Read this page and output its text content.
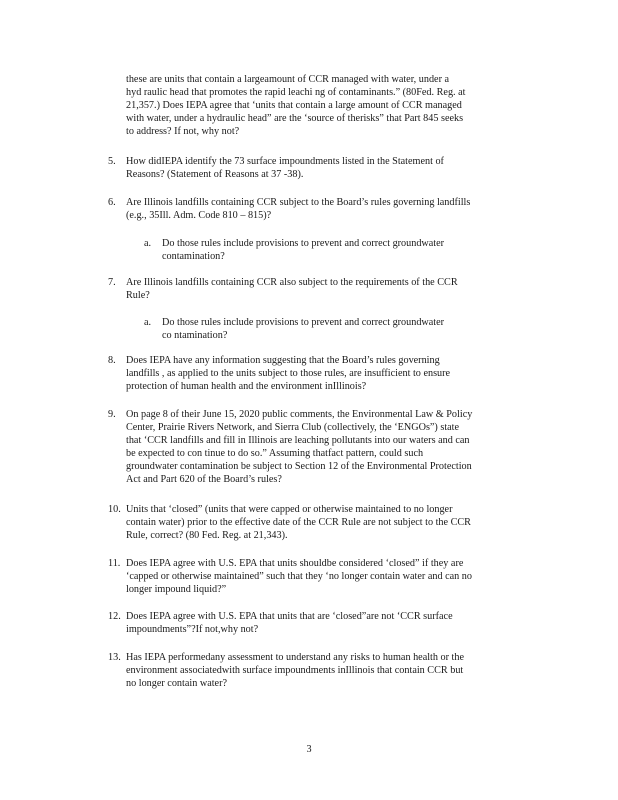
these are units that contain a largeamount of CCR managed with water, under a
hyd raulic head that promotes the rapid leachi ng of contaminants.” (80Fed. Reg. at
21,357.) Does IEPA agree that ‘units that contain a large amount of CCR managed
with water, under a hydraulic head” are the ‘source of therisks” that Part 845 seeks
to address? If not, why not?
5. How didIEPA identify the 73 surface impoundments listed in the Statement of
Reasons? (Statement of Reasons at 37 -38).
6. Are Illinois landfills containing CCR subject to the Board’s rules governing landfills
(e.g., 35Ill. Adm. Code 810 – 815)?
a. Do those rules include provisions to prevent and correct groundwater
contamination?
7. Are Illinois landfills containing CCR also subject to the requirements of the CCR
Rule?
a. Do those rules include provisions to prevent and correct groundwater
co ntamination?
8. Does IEPA have any information suggesting that the Board’s rules governing
landfills , as applied to the units subject to those rules, are insufficient to ensure
protection of human health and the environment inIllinois?
9. On page 8 of their June 15, 2020 public comments, the Environmental Law & Policy
Center, Prairie Rivers Network, and Sierra Club (collectively, the ‘ENGOs”) state
that ‘CCR landfills and fill in Illinois are leaching pollutants into our waters and can
be expected to con tinue to do so.” Assuming thatfact pattern, could such
groundwater contamination be subject to Section 12 of the Environmental Protection
Act and Part 620 of the Board’s rules?
10. Units that ‘closed” (units that were capped or otherwise maintained to no longer
contain water) prior to the effective date of the CCR Rule are not subject to the CCR
Rule, correct? (80 Fed. Reg. at 21,343).
11. Does IEPA agree with U.S. EPA that units shouldbe considered ‘closed” if they are
‘capped or otherwise maintained” such that they ‘no longer contain water and can no
longer impound liquid?”
12. Does IEPA agree with U.S. EPA that units that are ‘closed”are not ‘CCR surface
impoundments”?If not,why not?
13. Has IEPA performedany assessment to understand any risks to human health or the
environment associatedwith surface impoundments inIllinois that contain CCR but
no longer contain water?
3
